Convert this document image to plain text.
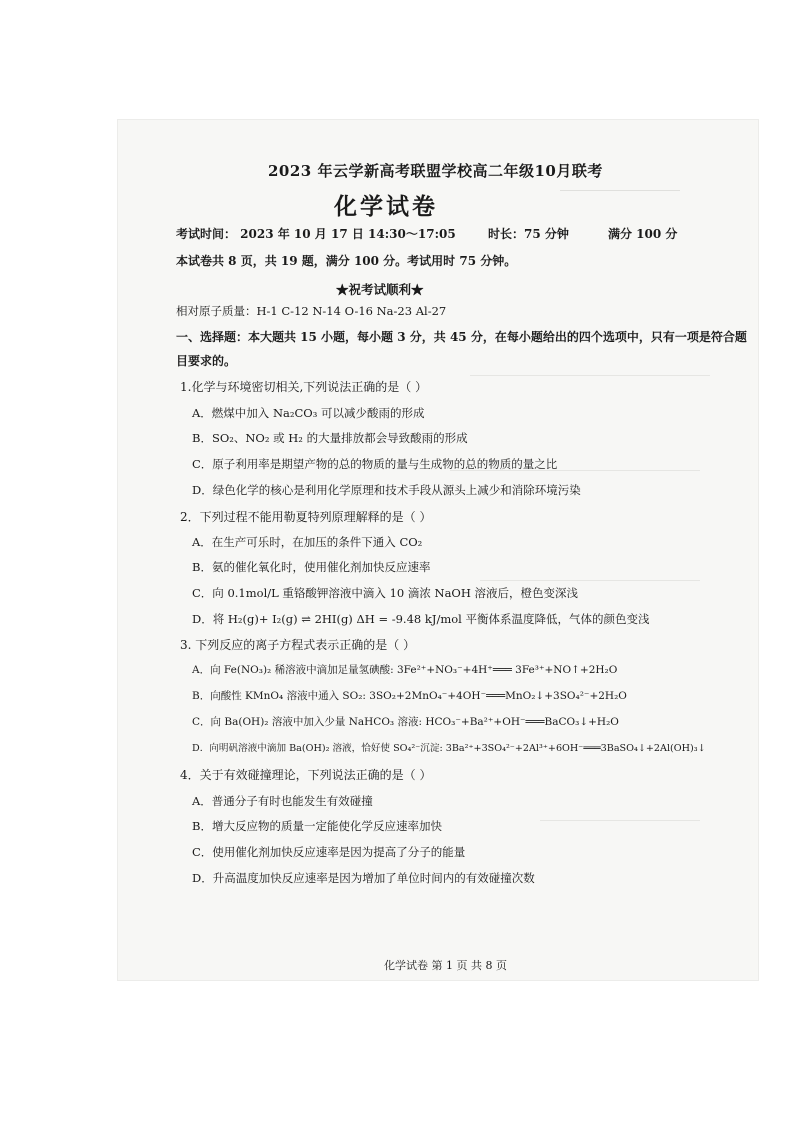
2023 年云学新高考联盟学校高二年级10月联考
化学试卷
考试时间： 2023 年 10 月 17 日 14:30～17:05	时长：75 分钟	满分 100 分
本试卷共 8 页，共 19 题，满分 100 分。考试用时 75 分钟。
★祝考试顺利★
相对原子质量：H-1 C-12 N-14 O-16 Na-23 Al-27
一、选择题：本大题共 15 小题，每小题 3 分，共 45 分，在每小题给出的四个选项中，只有一项是符合题
目要求的。
1.化学与环境密切相关,下列说法正确的是（ ）
A．燃煤中加入 Na₂CO₃ 可以减少酸雨的形成
B．SO₂、NO₂ 或 H₂ 的大量排放都会导致酸雨的形成
C．原子利用率是期望产物的总的物质的量与生成物的总的物质的量之比
D．绿色化学的核心是利用化学原理和技术手段从源头上减少和消除环境污染
2．下列过程不能用勒夏特列原理解释的是（ ）
A．在生产可乐时，在加压的条件下通入 CO₂
B．氨的催化氧化时，使用催化剂加快反应速率
C．向 0.1mol/L 重铬酸钾溶液中滴入 10 滴浓 NaOH 溶液后，橙色变深浅
D．将 H₂(g)+ I₂(g) ⇌ 2HI(g) ΔH = -9.48 kJ/mol 平衡体系温度降低，气体的颜色变浅
3. 下列反应的离子方程式表示正确的是（ ）
A．向 Fe(NO₃)₂ 稀溶液中滴加足量氢碘酸: 3Fe²⁺+NO₃⁻+4H⁺═══ 3Fe³⁺+NO↑+2H₂O
B．向酸性 KMnO₄ 溶液中通入 SO₂: 3SO₂+2MnO₄⁻+4OH⁻═══MnO₂↓+3SO₄²⁻+2H₂O
C．向 Ba(OH)₂ 溶液中加入少量 NaHCO₃ 溶液: HCO₃⁻+Ba²⁺+OH⁻═══BaCO₃↓+H₂O
D．向明矾溶液中滴加 Ba(OH)₂ 溶液，恰好使 SO₄²⁻沉淀: 3Ba²⁺+3SO₄²⁻+2Al³⁺+6OH⁻═══3BaSO₄↓+2Al(OH)₃↓
4．关于有效碰撞理论，下列说法正确的是（ ）
A．普通分子有时也能发生有效碰撞
B．增大反应物的质量一定能使化学反应速率加快
C．使用催化剂加快反应速率是因为提高了分子的能量
D．升高温度加快反应速率是因为增加了单位时间内的有效碰撞次数
化学试卷 第 1 页 共 8 页
